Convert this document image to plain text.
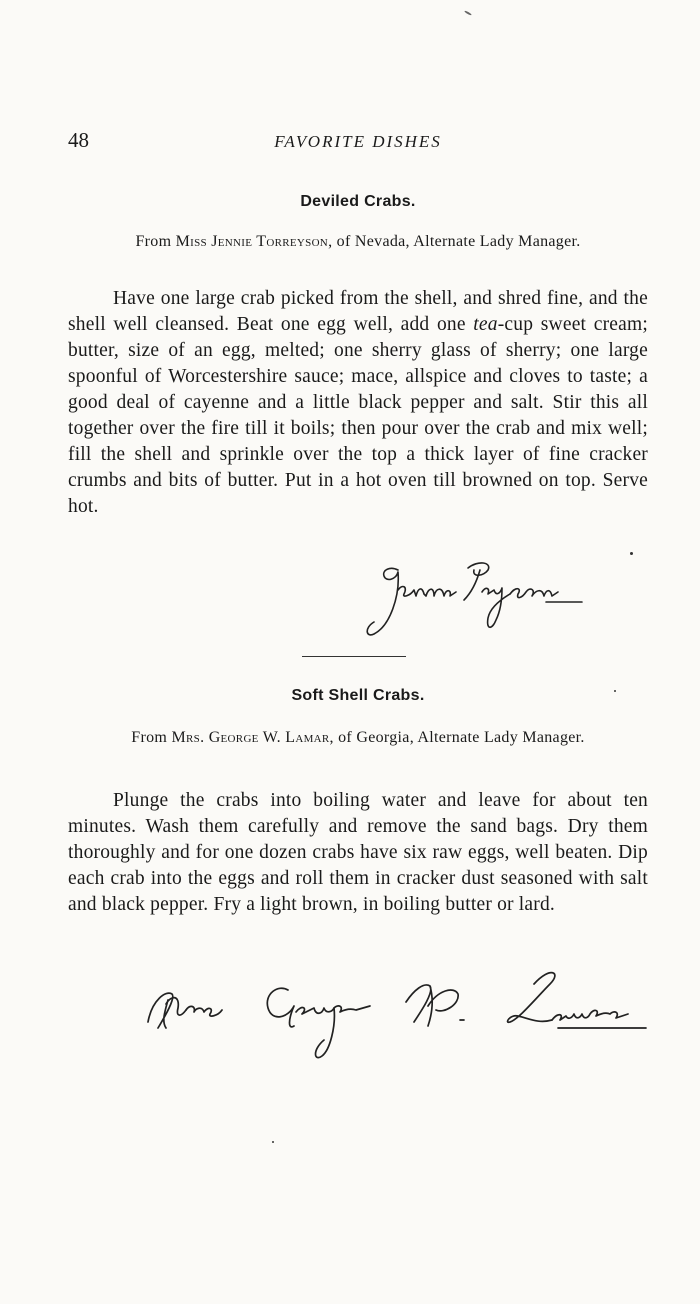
48	FAVORITE DISHES
Deviled Crabs.
From Miss Jennie Torreyson, of Nevada, Alternate Lady Manager.

Have one large crab picked from the shell, and shred fine, and the shell well cleansed. Beat one egg well, add one tea-cup sweet cream; butter, size of an egg, melted; one sherry glass of sherry; one large spoonful of Worcestershire sauce; mace, allspice and cloves to taste; a good deal of cayenne and a little black pepper and salt. Stir this all together over the fire till it boils; then pour over the crab and mix well; fill the shell and sprinkle over the top a thick layer of fine cracker crumbs and bits of butter. Put in a hot oven till browned on top. Serve hot.

Soft Shell Crabs.
From Mrs. George W. Lamar, of Georgia, Alternate Lady Manager.

Plunge the crabs into boiling water and leave for about ten minutes. Wash them carefully and remove the sand bags. Dry them thoroughly and for one dozen crabs have six raw eggs, well beaten. Dip each crab into the eggs and roll them in cracker dust seasoned with salt and black pepper. Fry a light brown, in boiling butter or lard.
